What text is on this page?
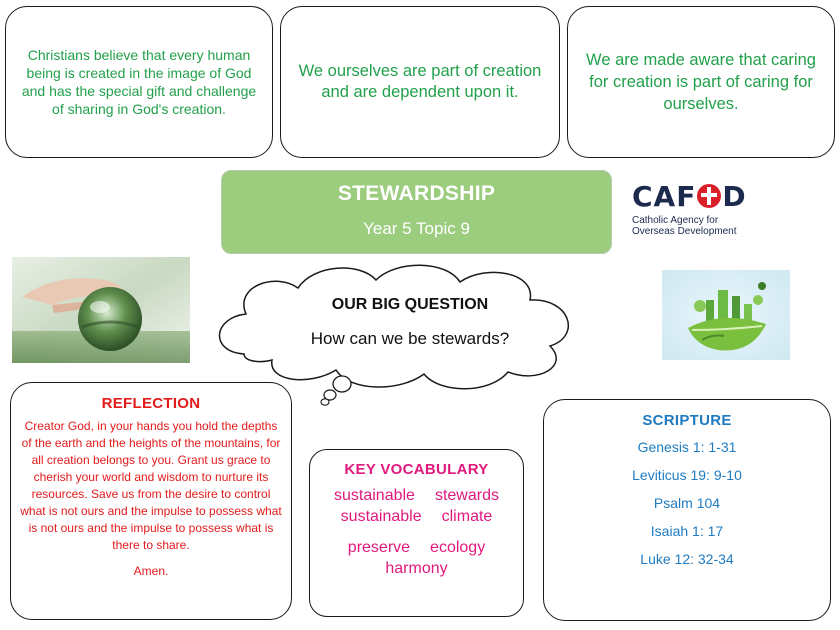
Christians believe that every human being is created in the image of God and has the special gift and challenge of sharing in God's creation.
We ourselves are part of creation and are dependent upon it.
We are made aware that caring for creation is part of caring for ourselves.
STEWARDSHIP
Year 5 Topic 9
CAF D
Catholic Agency for
Overseas Development
OUR BIG QUESTION
How can we be stewards?
REFLECTION
Creator God, in your hands you hold the depths of the earth and the heights of the mountains, for all creation belongs to you. Grant us grace to cherish your world and wisdom to nurture its resources. Save us from the desire to control what is not ours and the impulse to possess what is not ours and the impulse to possess what is there to share.
Amen.
KEY VOCABULARY
sustainable stewards
sustainable climate
preserve ecology
harmony
SCRIPTURE
Genesis 1: 1-31
Leviticus 19: 9-10
Psalm 104
Isaiah 1: 17
Luke 12: 32-34
